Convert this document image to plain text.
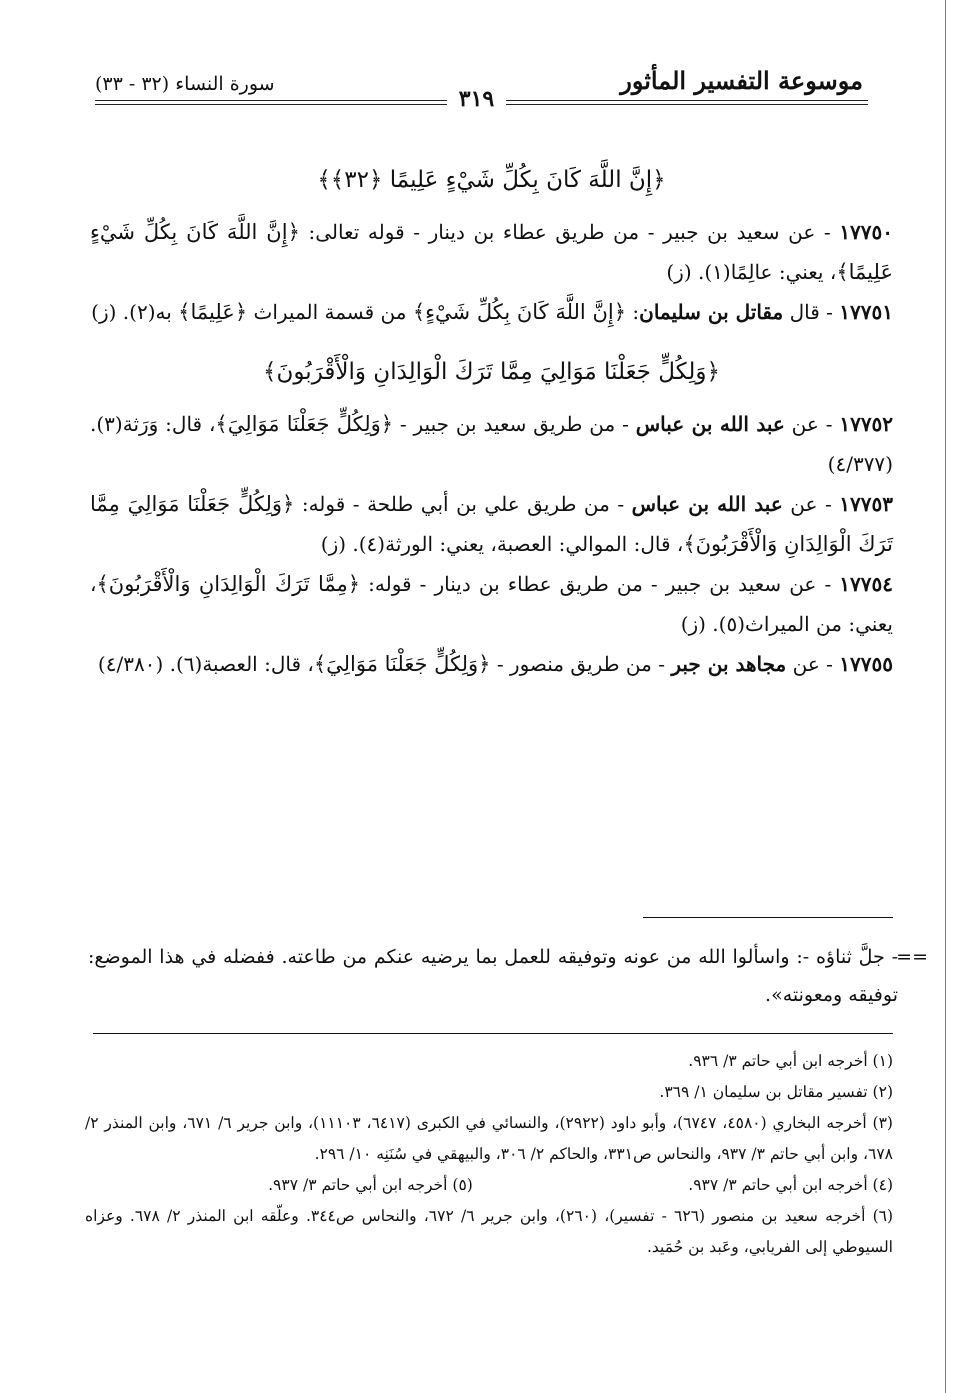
موسوعة التفسير المأثور
سورة النساء (٣٢ - ٣٣)
٣١٩

﴿إِنَّ اللَّهَ كَانَ بِكُلِّ شَيْءٍ عَلِيمًا ﴿٣٢﴾﴾

١٧٧٥٠ - عن سعيد بن جبير - من طريق عطاء بن دينار - قوله تعالى: ﴿إِنَّ اللَّهَ كَانَ بِكُلِّ شَيْءٍ عَلِيمًا﴾، يعني: عالِمًا(١). (ز)

١٧٧٥١ - قال مقاتل بن سليمان: ﴿إِنَّ اللَّهَ كَانَ بِكُلِّ شَيْءٍ﴾ من قسمة الميراث ﴿عَلِيمًا﴾ به(٢). (ز)

﴿وَلِكُلٍّ جَعَلْنَا مَوَالِيَ مِمَّا تَرَكَ الْوَالِدَانِ وَالْأَقْرَبُونَ﴾

١٧٧٥٢ - عن عبد الله بن عباس - من طريق سعيد بن جبير - ﴿وَلِكُلٍّ جَعَلْنَا مَوَالِيَ﴾، قال: وَرَثة(٣). (٤/٣٧٧)

١٧٧٥٣ - عن عبد الله بن عباس - من طريق علي بن أبي طلحة - قوله: ﴿وَلِكُلٍّ جَعَلْنَا مَوَالِيَ مِمَّا تَرَكَ الْوَالِدَانِ وَالْأَقْرَبُونَ﴾، قال: الموالي: العصبة، يعني: الورثة(٤). (ز)

١٧٧٥٤ - عن سعيد بن جبير - من طريق عطاء بن دينار - قوله: ﴿مِمَّا تَرَكَ الْوَالِدَانِ وَالْأَقْرَبُونَ﴾، يعني: من الميراث(٥). (ز)

١٧٧٥٥ - عن مجاهد بن جبر - من طريق منصور - ﴿وَلِكُلٍّ جَعَلْنَا مَوَالِيَ﴾، قال: العصبة(٦). (٤/٣٨٠)

==
- جلَّ ثناؤه -: واسألوا الله من عونه وتوفيقه للعمل بما يرضيه عنكم من طاعته. ففضله في هذا الموضع: توفيقه ومعونته».

(١) أخرجه ابن أبي حاتم ٣/ ٩٣٦.

(٢) تفسير مقاتل بن سليمان ١/ ٣٦٩.

(٣) أخرجه البخاري (٤٥٨٠، ٦٧٤٧)، وأبو داود (٢٩٢٢)، والنسائي في الكبرى (٦٤١٧، ١١١٠٣)، وابن جرير ٦/ ٦٧١، وابن المنذر ٢/ ٦٧٨، وابن أبي حاتم ٣/ ٩٣٧، والنحاس ص٣٣١، والحاكم ٢/ ٣٠٦، والبيهقي في سُنَنِه ١٠/ ٢٩٦.

(٤) أخرجه ابن أبي حاتم ٣/ ٩٣٧.

(٥) أخرجه ابن أبي حاتم ٣/ ٩٣٧.

(٦) أخرجه سعيد بن منصور (٦٢٦ - تفسير)، (٢٦٠)، وابن جرير ٦/ ٦٧٢، والنحاس ص٣٤٤. وعلّقه ابن المنذر ٢/ ٦٧٨. وعزاه السيوطي إلى الفريابي، وعَبد بن حُمَيد.
